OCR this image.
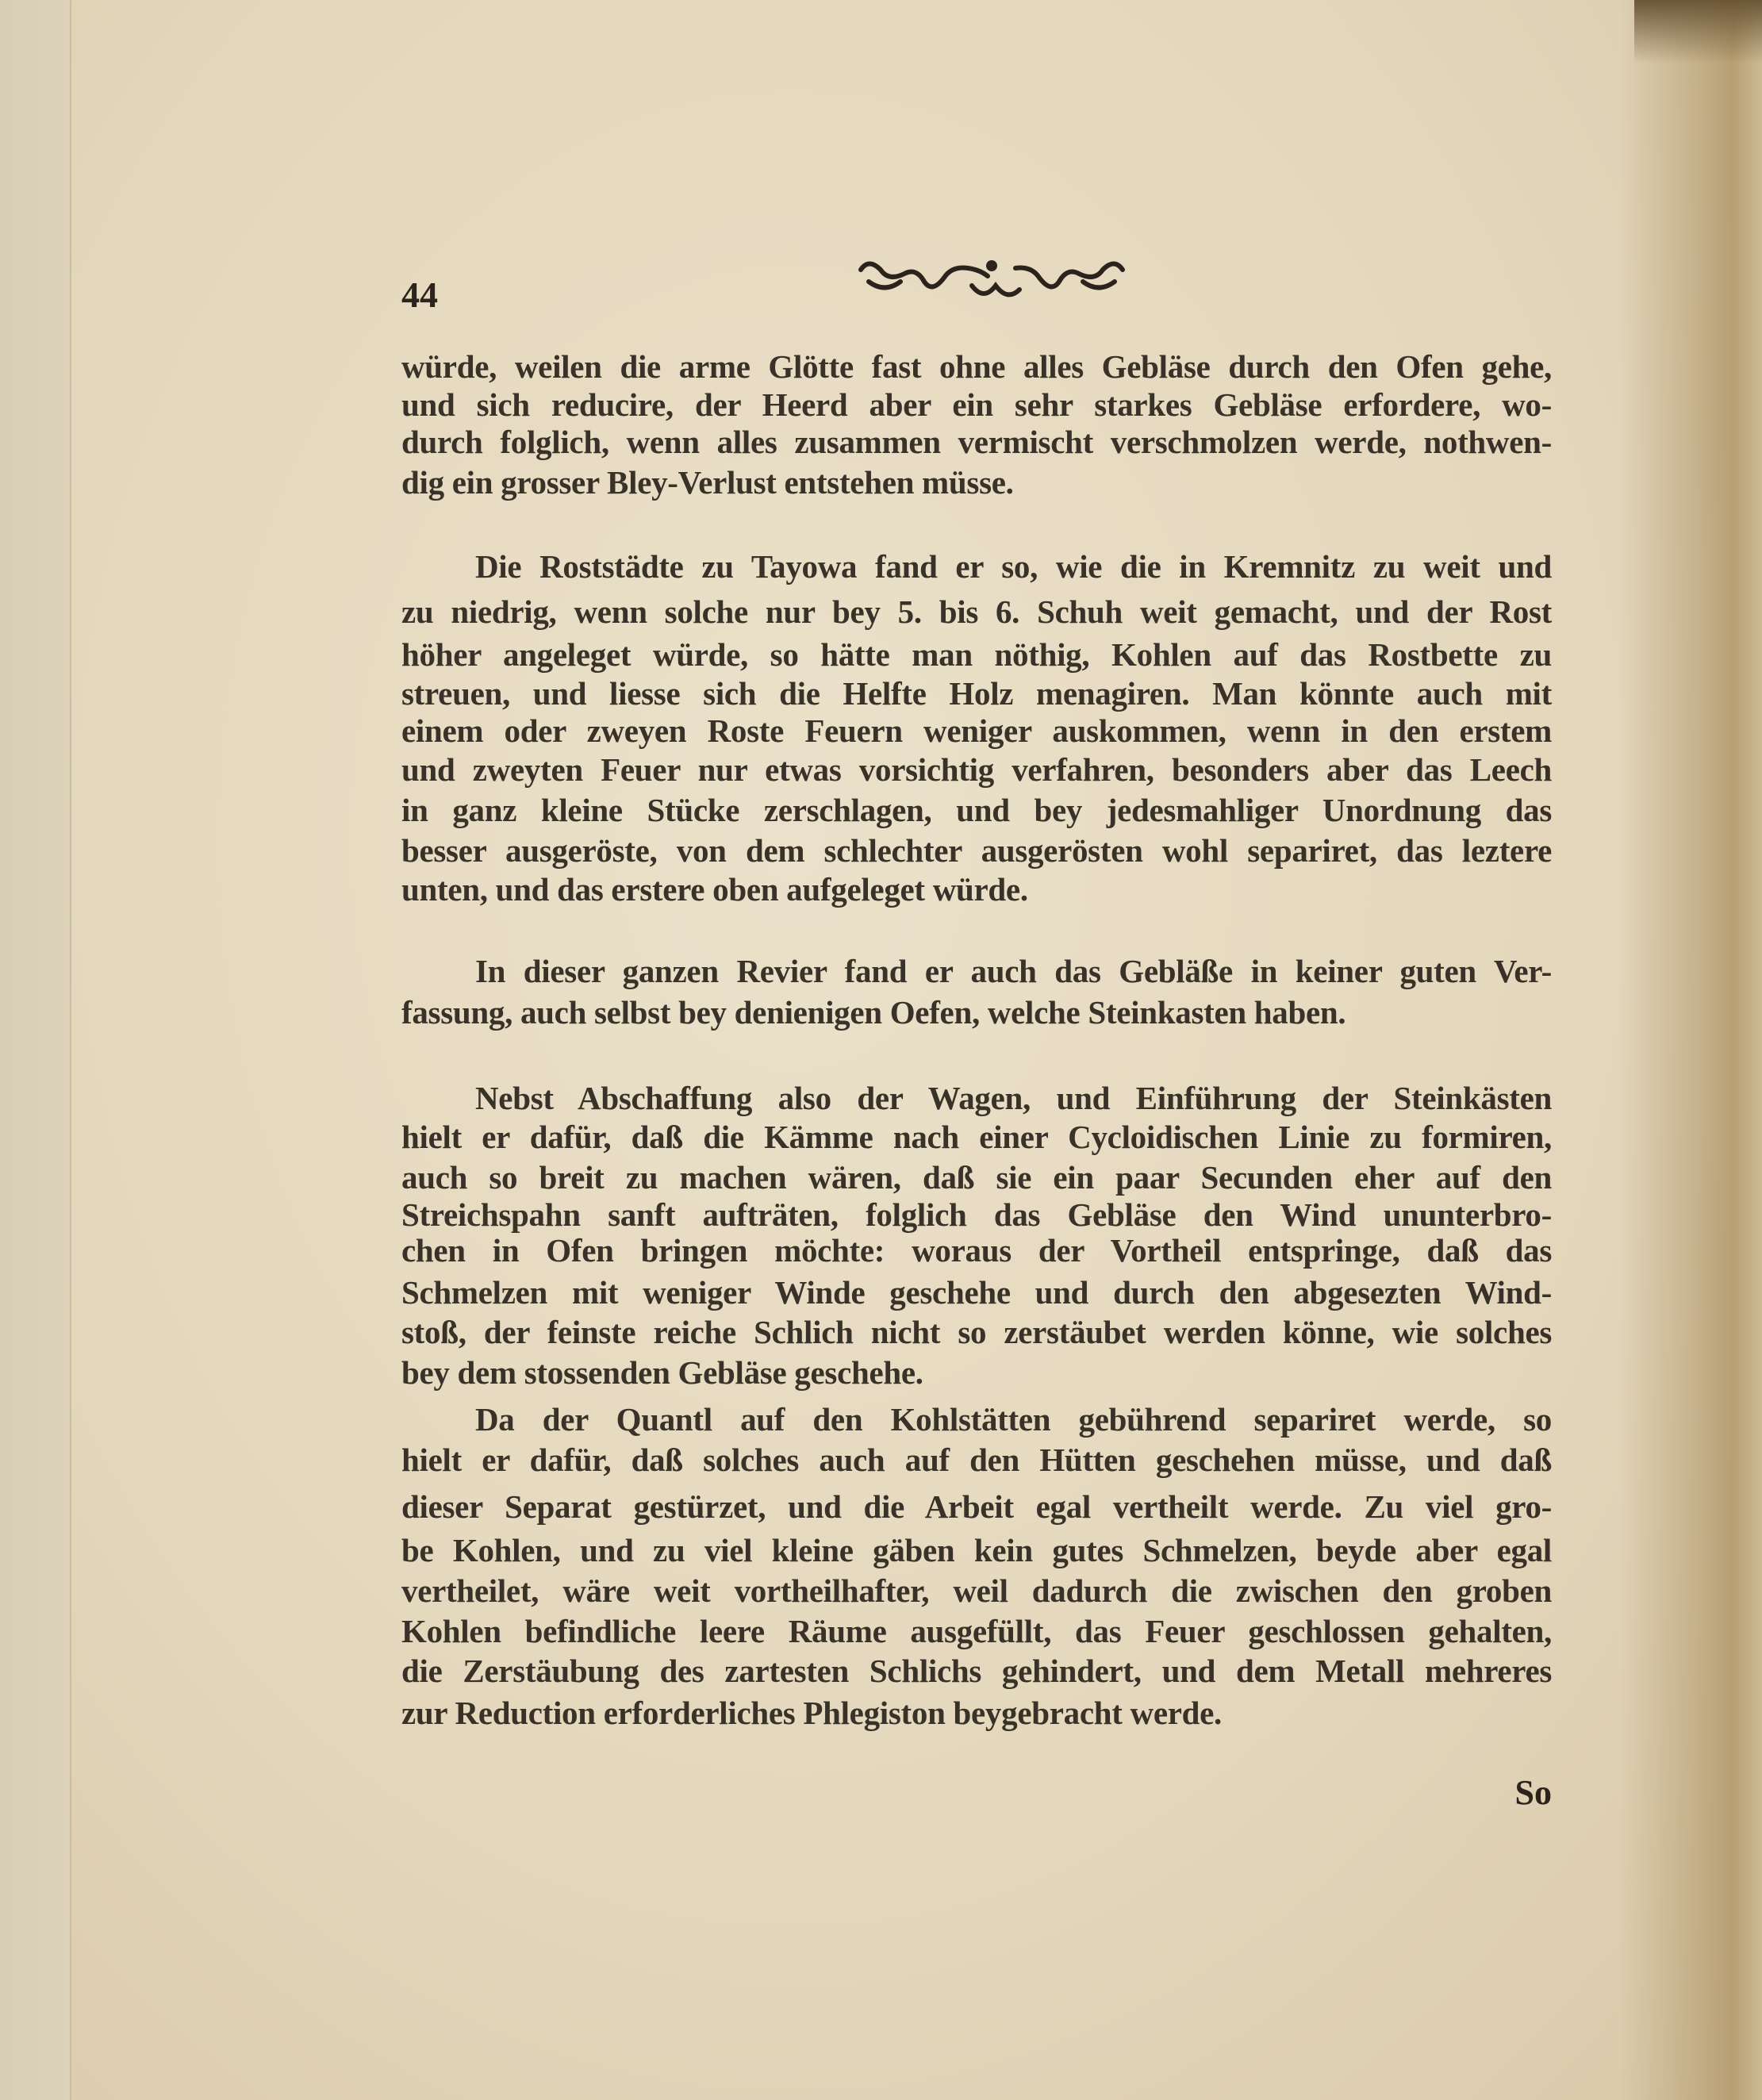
44
würde, weilen die arme Glötte fast ohne alles Gebläse durch den Ofen gehe,
und sich reducire, der Heerd aber ein sehr starkes Gebläse erfordere, wo-
durch folglich, wenn alles zusammen vermischt verschmolzen werde, nothwen-
dig ein grosser Bley-Verlust entstehen müsse.
Die Roststädte zu Tayowa fand er so, wie die in Kremnitz zu weit und
zu niedrig, wenn solche nur bey 5. bis 6. Schuh weit gemacht, und der Rost
höher angeleget würde, so hätte man nöthig, Kohlen auf das Rostbette zu
streuen, und liesse sich die Helfte Holz menagiren. Man könnte auch mit
einem oder zweyen Roste Feuern weniger auskommen, wenn in den erstem
und zweyten Feuer nur etwas vorsichtig verfahren, besonders aber das Leech
in ganz kleine Stücke zerschlagen, und bey jedesmahliger Unordnung das
besser ausgeröste, von dem schlechter ausgerösten wohl separiret, das leztere
unten, und das erstere oben aufgeleget würde.
In dieser ganzen Revier fand er auch das Gebläße in keiner guten Ver-
fassung, auch selbst bey denienigen Oefen, welche Steinkasten haben.
Nebst Abschaffung also der Wagen, und Einführung der Steinkästen
hielt er dafür, daß die Kämme nach einer Cycloidischen Linie zu formiren,
auch so breit zu machen wären, daß sie ein paar Secunden eher auf den
Streichspahn sanft aufträten, folglich das Gebläse den Wind ununterbro-
chen in Ofen bringen möchte: woraus der Vortheil entspringe, daß das
Schmelzen mit weniger Winde geschehe und durch den abgesezten Wind-
stoß, der feinste reiche Schlich nicht so zerstäubet werden könne, wie solches
bey dem stossenden Gebläse geschehe.
Da der Quantl auf den Kohlstätten gebührend separiret werde, so
hielt er dafür, daß solches auch auf den Hütten geschehen müsse, und daß
dieser Separat gestürzet, und die Arbeit egal vertheilt werde. Zu viel gro-
be Kohlen, und zu viel kleine gäben kein gutes Schmelzen, beyde aber egal
vertheilet, wäre weit vortheilhafter, weil dadurch die zwischen den groben
Kohlen befindliche leere Räume ausgefüllt, das Feuer geschlossen gehalten,
die Zerstäubung des zartesten Schlichs gehindert, und dem Metall mehreres
zur Reduction erforderliches Phlegiston beygebracht werde.
So
